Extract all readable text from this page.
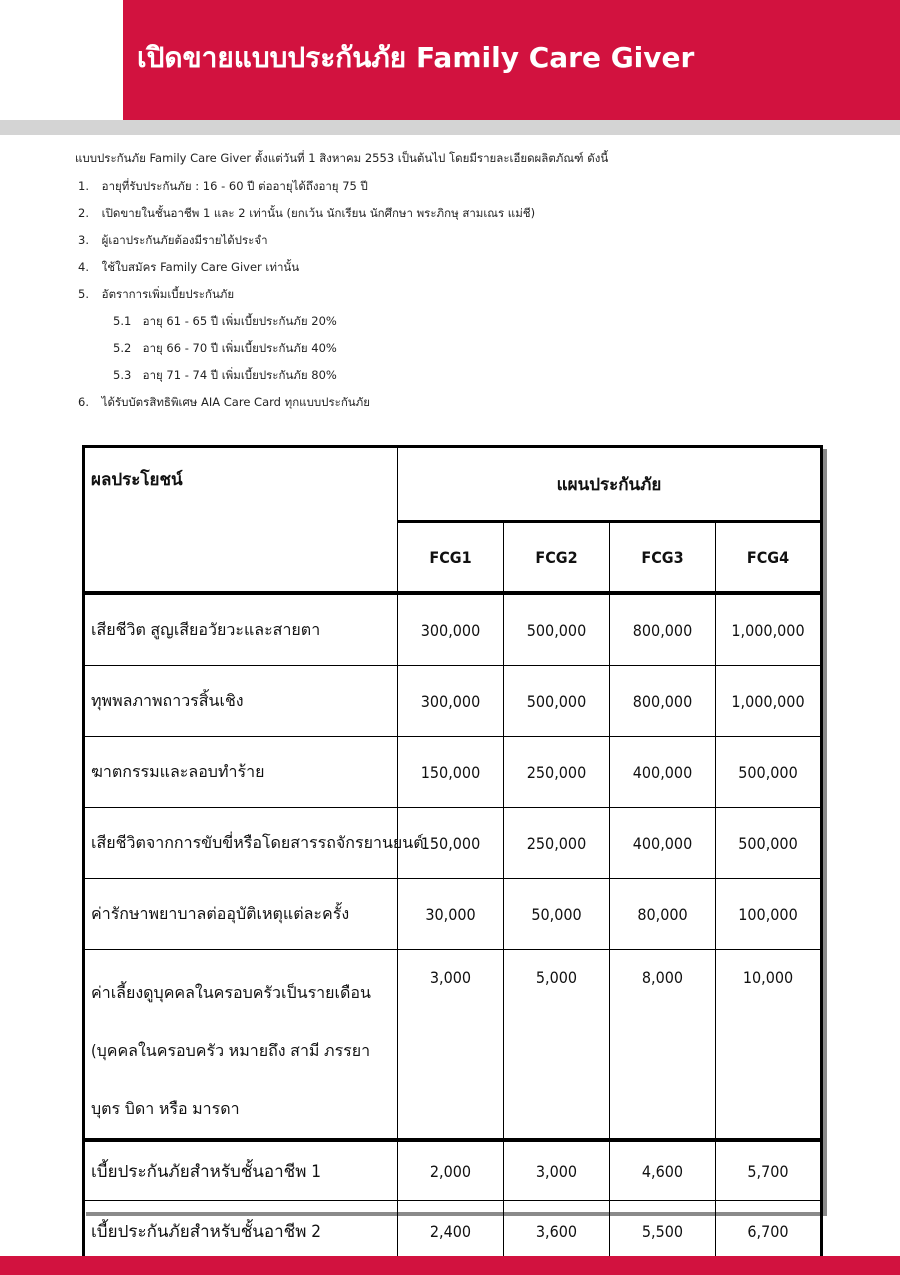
เปิดขายแบบประกันภัย Family Care Giver
แบบประกันภัย Family Care Giver ตั้งแต่วันที่ 1 สิงหาคม 2553 เป็นต้นไป โดยมีรายละเอียดผลิตภัณฑ์ ดังนี้
1. อายุที่รับประกันภัย : 16 - 60 ปี ต่ออายุได้ถึงอายุ 75 ปี
2. เปิดขายในชั้นอาชีพ 1 และ 2 เท่านั้น (ยกเว้น นักเรียน นักศึกษา พระภิกษุ สามเณร แม่ชี)
3. ผู้เอาประกันภัยต้องมีรายได้ประจำ
4. ใช้ใบสมัคร Family Care Giver เท่านั้น
5. อัตราการเพิ่มเบี้ยประกันภัย
5.1 อายุ 61 - 65 ปี เพิ่มเบี้ยประกันภัย 20%
5.2 อายุ 66 - 70 ปี เพิ่มเบี้ยประกันภัย 40%
5.3 อายุ 71 - 74 ปี เพิ่มเบี้ยประกันภัย 80%
6. ได้รับบัตรสิทธิพิเศษ AIA Care Card ทุกแบบประกันภัย
ผลประโยชน์	แผนประกันภัย			
	FCG1	FCG2	FCG3	FCG4
เสียชีวิต สูญเสียอวัยวะและสายตา	300,000	500,000	800,000	1,000,000
ทุพพลภาพถาวรสิ้นเชิง	300,000	500,000	800,000	1,000,000
ฆาตกรรมและลอบทำร้าย	150,000	250,000	400,000	500,000
เสียชีวิตจากการขับขี่หรือโดยสารรถจักรยานยนต์	150,000	250,000	400,000	500,000
ค่ารักษาพยาบาลต่ออุบัติเหตุแต่ละครั้ง	30,000	50,000	80,000	100,000
ค่าเลี้ยงดูบุคคลในครอบครัวเป็นรายเดือน (บุคคลในครอบครัว หมายถึง สามี ภรรยา บุตร บิดา หรือ มารดา	3,000	5,000	8,000	10,000
เบี้ยประกันภัยสำหรับชั้นอาชีพ 1	2,000	3,000	4,600	5,700
เบี้ยประกันภัยสำหรับชั้นอาชีพ 2	2,400	3,600	5,500	6,700
